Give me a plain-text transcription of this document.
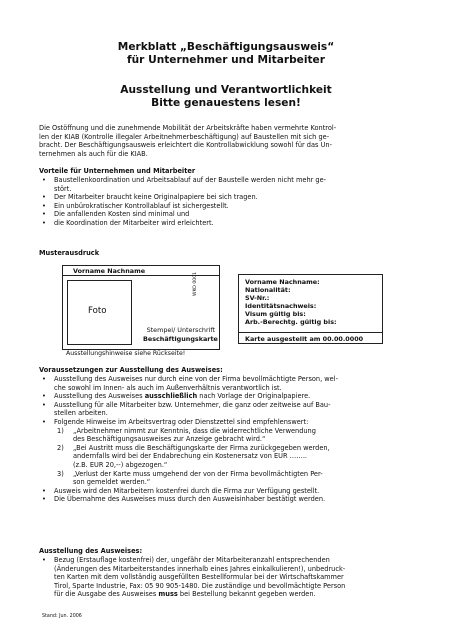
Merkblatt „Beschäftigungsausweis“
für Unternehmer und Mitarbeiter
Ausstellung und Verantwortlichkeit
Bitte genauestens lesen!
Die Ostöffnung und die zunehmende Mobilität der Arbeitskräfte haben vermehrte Kontrol-
len der KIAB (Kontrolle illegaler Arbeitnehmerbeschäftigung) auf Baustellen mit sich ge-
bracht. Der Beschäftigungsausweis erleichtert die Kontrollabwicklung sowohl für das Un-
ternehmen als auch für die KIAB.
Vorteile für Unternehmen und Mitarbeiter
• Baustellenkoordination und Arbeitsablauf auf der Baustelle werden nicht mehr ge-
stört.
• Der Mitarbeiter braucht keine Originalpapiere bei sich tragen.
• Ein unbürokratischer Kontrollablauf ist sichergestellt.
• Die anfallenden Kosten sind minimal und
• die Koordination der Mitarbeiter wird erleichtert.
Musterausdruck
Vorname Nachname
Foto
WKO 0001
Stempel/ Unterschrift
Beschäftigungskarte
Ausstellungshinweise siehe Rückseite!
Vorname Nachname:
Nationalität:
SV-Nr.:
Identitätsnachweis:
Visum gültig bis:
Arb.-Berechtg. gültig bis:
Karte ausgestellt am 00.00.0000
Voraussetzungen zur Ausstellung des Ausweises:
• Ausstellung des Ausweises nur durch eine von der Firma bevollmächtigte Person, wel-
che sowohl im Innen- als auch im Außenverhältnis verantwortlich ist.
• Ausstellung des Ausweises ausschließlich nach Vorlage der Originalpapiere.
• Ausstellung für alle Mitarbeiter bzw. Unternehmer, die ganz oder zeitweise auf Bau-
stellen arbeiten.
• Folgende Hinweise im Arbeitsvertrag oder Dienstzettel sind empfehlenswert:
1) „Arbeitnehmer nimmt zur Kenntnis, dass die widerrechtliche Verwendung
des Beschäftigungsausweises zur Anzeige gebracht wird.“
2) „Bei Austritt muss die Beschäftigungskarte der Firma zurückgegeben werden,
andernfalls wird bei der Endabrechung ein Kostenersatz von EUR ……..
(z.B. EUR 20,--) abgezogen.“
3) „Verlust der Karte muss umgehend der von der Firma bevollmächtigten Per-
son gemeldet werden.“
• Ausweis wird den Mitarbeitern kostenfrei durch die Firma zur Verfügung gestellt.
• Die Übernahme des Ausweises muss durch den Ausweisinhaber bestätigt werden.
Ausstellung des Ausweises:
• Bezug (Erstauflage kostenfrei) der, ungefähr der Mitarbeiteranzahl entsprechenden
(Änderungen des Mitarbeiterstandes innerhalb eines Jahres einkalkulieren!), unbedruck-
ten Karten mit dem vollständig ausgefüllten Bestellformular bei der Wirtschaftskammer
Tirol, Sparte Industrie, Fax: 05 90 905-1480. Die zuständige und bevollmächtigte Person
für die Ausgabe des Ausweises muss bei Bestellung bekannt gegeben werden.
Stand: Jun. 2006
